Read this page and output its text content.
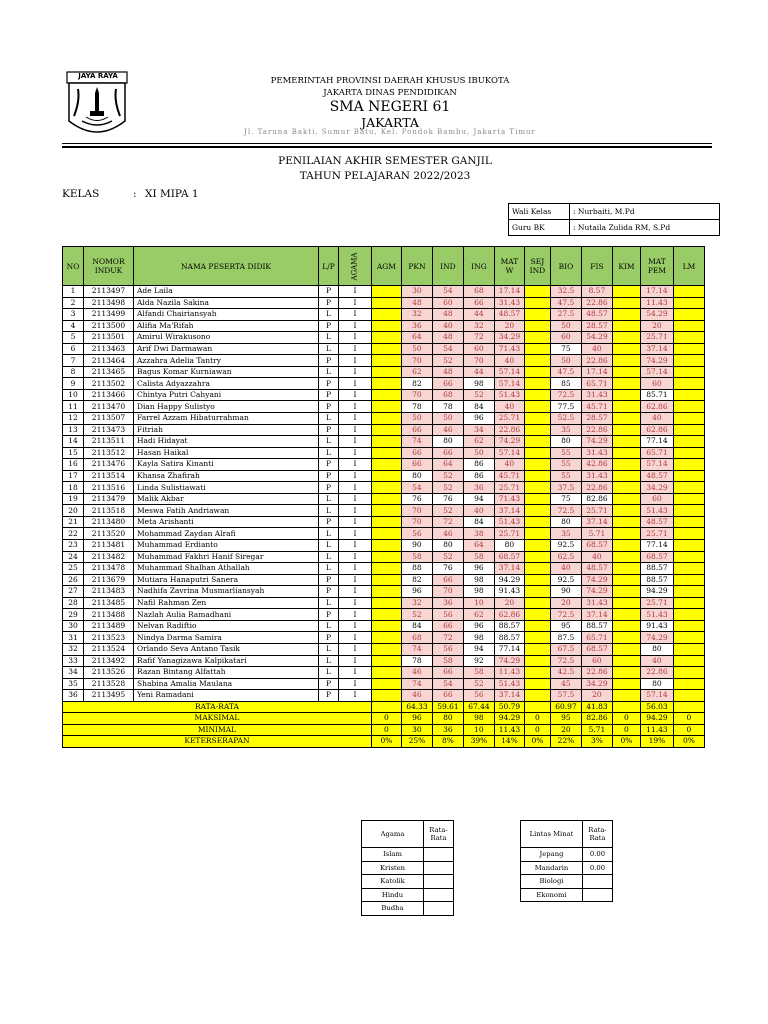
JAYA RAYA	PEMERINTAH PROVINSI DAERAH KHUSUS IBUKOTA
JAKARTA DINAS PENDIDIKAN
SMA NEGERI 61
JAKARTA
Jl. Taruna Bakti, Sumur Batu, Kel. Pondok Bambu, Jakarta Timur
PENILAIAN AKHIR SEMESTER GANJIL
TAHUN PELAJARAN 2022/2023
KELAS	: XI MIPA 1
Wali Kelas	: Nurbaiti, M.Pd
Guru BK	: Nutaila Zulida RM, S.Pd
NO	NOMOR INDUK	NAMA PESERTA DIDIK	L/P	AGAMA	AGM	PKN	IND	ING	MAT W	SEJ IND	BIO	FIS	KIM	MAT PEM	LM
1	2113497	Ade Laila	P	I		30	54	68	17.14		32.5	8.57		17.14	
2	2113498	Alda Nazila Sakina	P	I		48	60	66	31.43		47.5	22.86		11.43	
3	2113499	Alfandi Chairiansyah	L	I		32	48	44	48.57		27.5	48.57		54.29	
4	2113500	Alifia Ma'Rifah	P	I		36	40	32	20		50	28.57		20	
5	2113501	Amirul Wirakusono	L	I		64	48	72	34.29		60	54.29		25.71	
6	2113463	Arif Dwi Darmawan	L	I		50	54	60	71.43		75	40		37.14	
7	2113464	Azzahra Adelia Tantry	P	I		70	52	70	40		50	22.86		74.29	
8	2113465	Bagus Komar Kurniawan	L	I		62	48	44	57.14		47.5	17.14		57.14	
9	2113502	Calista Adyazzahra	P	I		82	66	98	57.14		85	65.71		60	
10	2113466	Chintya Putri Cahyani	P	I		70	68	52	51.43		72.5	31.43		85.71	
11	2113470	Dian Happy Sulistyo	P	I		78	78	84	40		77.5	45.71		62.86	
12	2113507	Farrel Azzam Hibaturrahman	L	I		50	50	96	25.71		52.5	28.57		40	
13	2113473	Fitriah	P	I		66	46	34	22.86		35	22.86		62.86	
14	2113511	Hadi Hidayat	L	I		74	80	62	74.29		80	74.29		77.14	
15	2113512	Hasan Haikal	L	I		66	66	50	57.14		55	31.43		65.71	
16	2113476	Kayla Satira Kinanti	P	I		66	64	86	40		55	42.86		57.14	
17	2113514	Khansa Zhafirah	P	I		80	52	86	45.71		55	31.43		48.57	
18	2113516	Linda Sulistiawati	P	I		54	52	36	25.71		37.5	22.86		34.29	
19	2113479	Malik Akbar	L	I		76	76	94	71.43		75	82.86		60	
20	2113518	Meswa Fatih Andriawan	L	I		70	52	40	37.14		72.5	25.71		51.43	
21	2113480	Meta Arishanti	P	I		70	72	84	51.43		80	37.14		48.57	
22	2113520	Mohammad Zaydan Alrafi	L	I		56	46	38	25.71		35	5.71		25.71	
23	2113481	Muhammad Erdianto	L	I		90	80	64	80		92.5	68.57		77.14	
24	2113482	Muhammad Fakhri Hanif Siregar	L	I		58	52	58	68.57		62.5	40		68.57	
25	2113478	Muhammad Shalhan Athallah	L	I		88	76	96	37.14		40	48.57		88.57	
26	2113679	Mutiara Hanaputri Sanera	P	I		82	66	98	94.29		92.5	74.29		88.57	
27	2113483	Nadhifa Zavrina Musmarliansyah	P	I		96	70	98	91.43		90	74.29		94.29	
28	2113485	Nafil Rahman Zen	L	I		32	36	10	20		20	31.43		25.71	
29	2113488	Nazlah Aulia Ramadhani	P	I		52	56	62	62.86		72.5	37.14		51.43	
30	2113489	Nelvan Radiftio	L	I		84	66	96	88.57		95	88.57		91.43	
31	2113523	Nindya Darma Samira	P	I		68	72	98	88.57		87.5	65.71		74.29	
32	2113524	Orlando Seva Antano Tasik	L	I		74	56	94	77.14		67.5	68.57		80	
33	2113492	Rafif Yanagizawa Kalpikatari	L	I		78	58	92	74.29		72.5	60		40	
34	2113526	Razan Bintang Alfattah	L	I		46	66	58	11.43		42.5	22.86		22.86	
35	2113528	Shabina Amalia Maulana	P	I		74	54	52	51.43		45	34.29		80	
36	2113495	Yeni Ramadani	P	I		46	66	56	37.14		57.5	20		57.14	
RATA-RATA						64.33	59.61	67.44	50.79		60.97	41.83		56.03	
MAKSIMAL					0	96	80	98	94.29	0	95	82.86	0	94.29	0
MINIMAL					0	30	36	10	11.43	0	20	5.71	0	11.43	0
KETERSERAPAN					0%	25%	8%	39%	14%	0%	22%	3%	0%	19%	0%
Agama	Rata-Rata
Islam	
Kristen	
Katolik	
Hindu	
Budha	
Lintas Minat	Rata-Rata
Jepang	0.00
Mandarin	0.00
Biologi	
Ekonomi	
